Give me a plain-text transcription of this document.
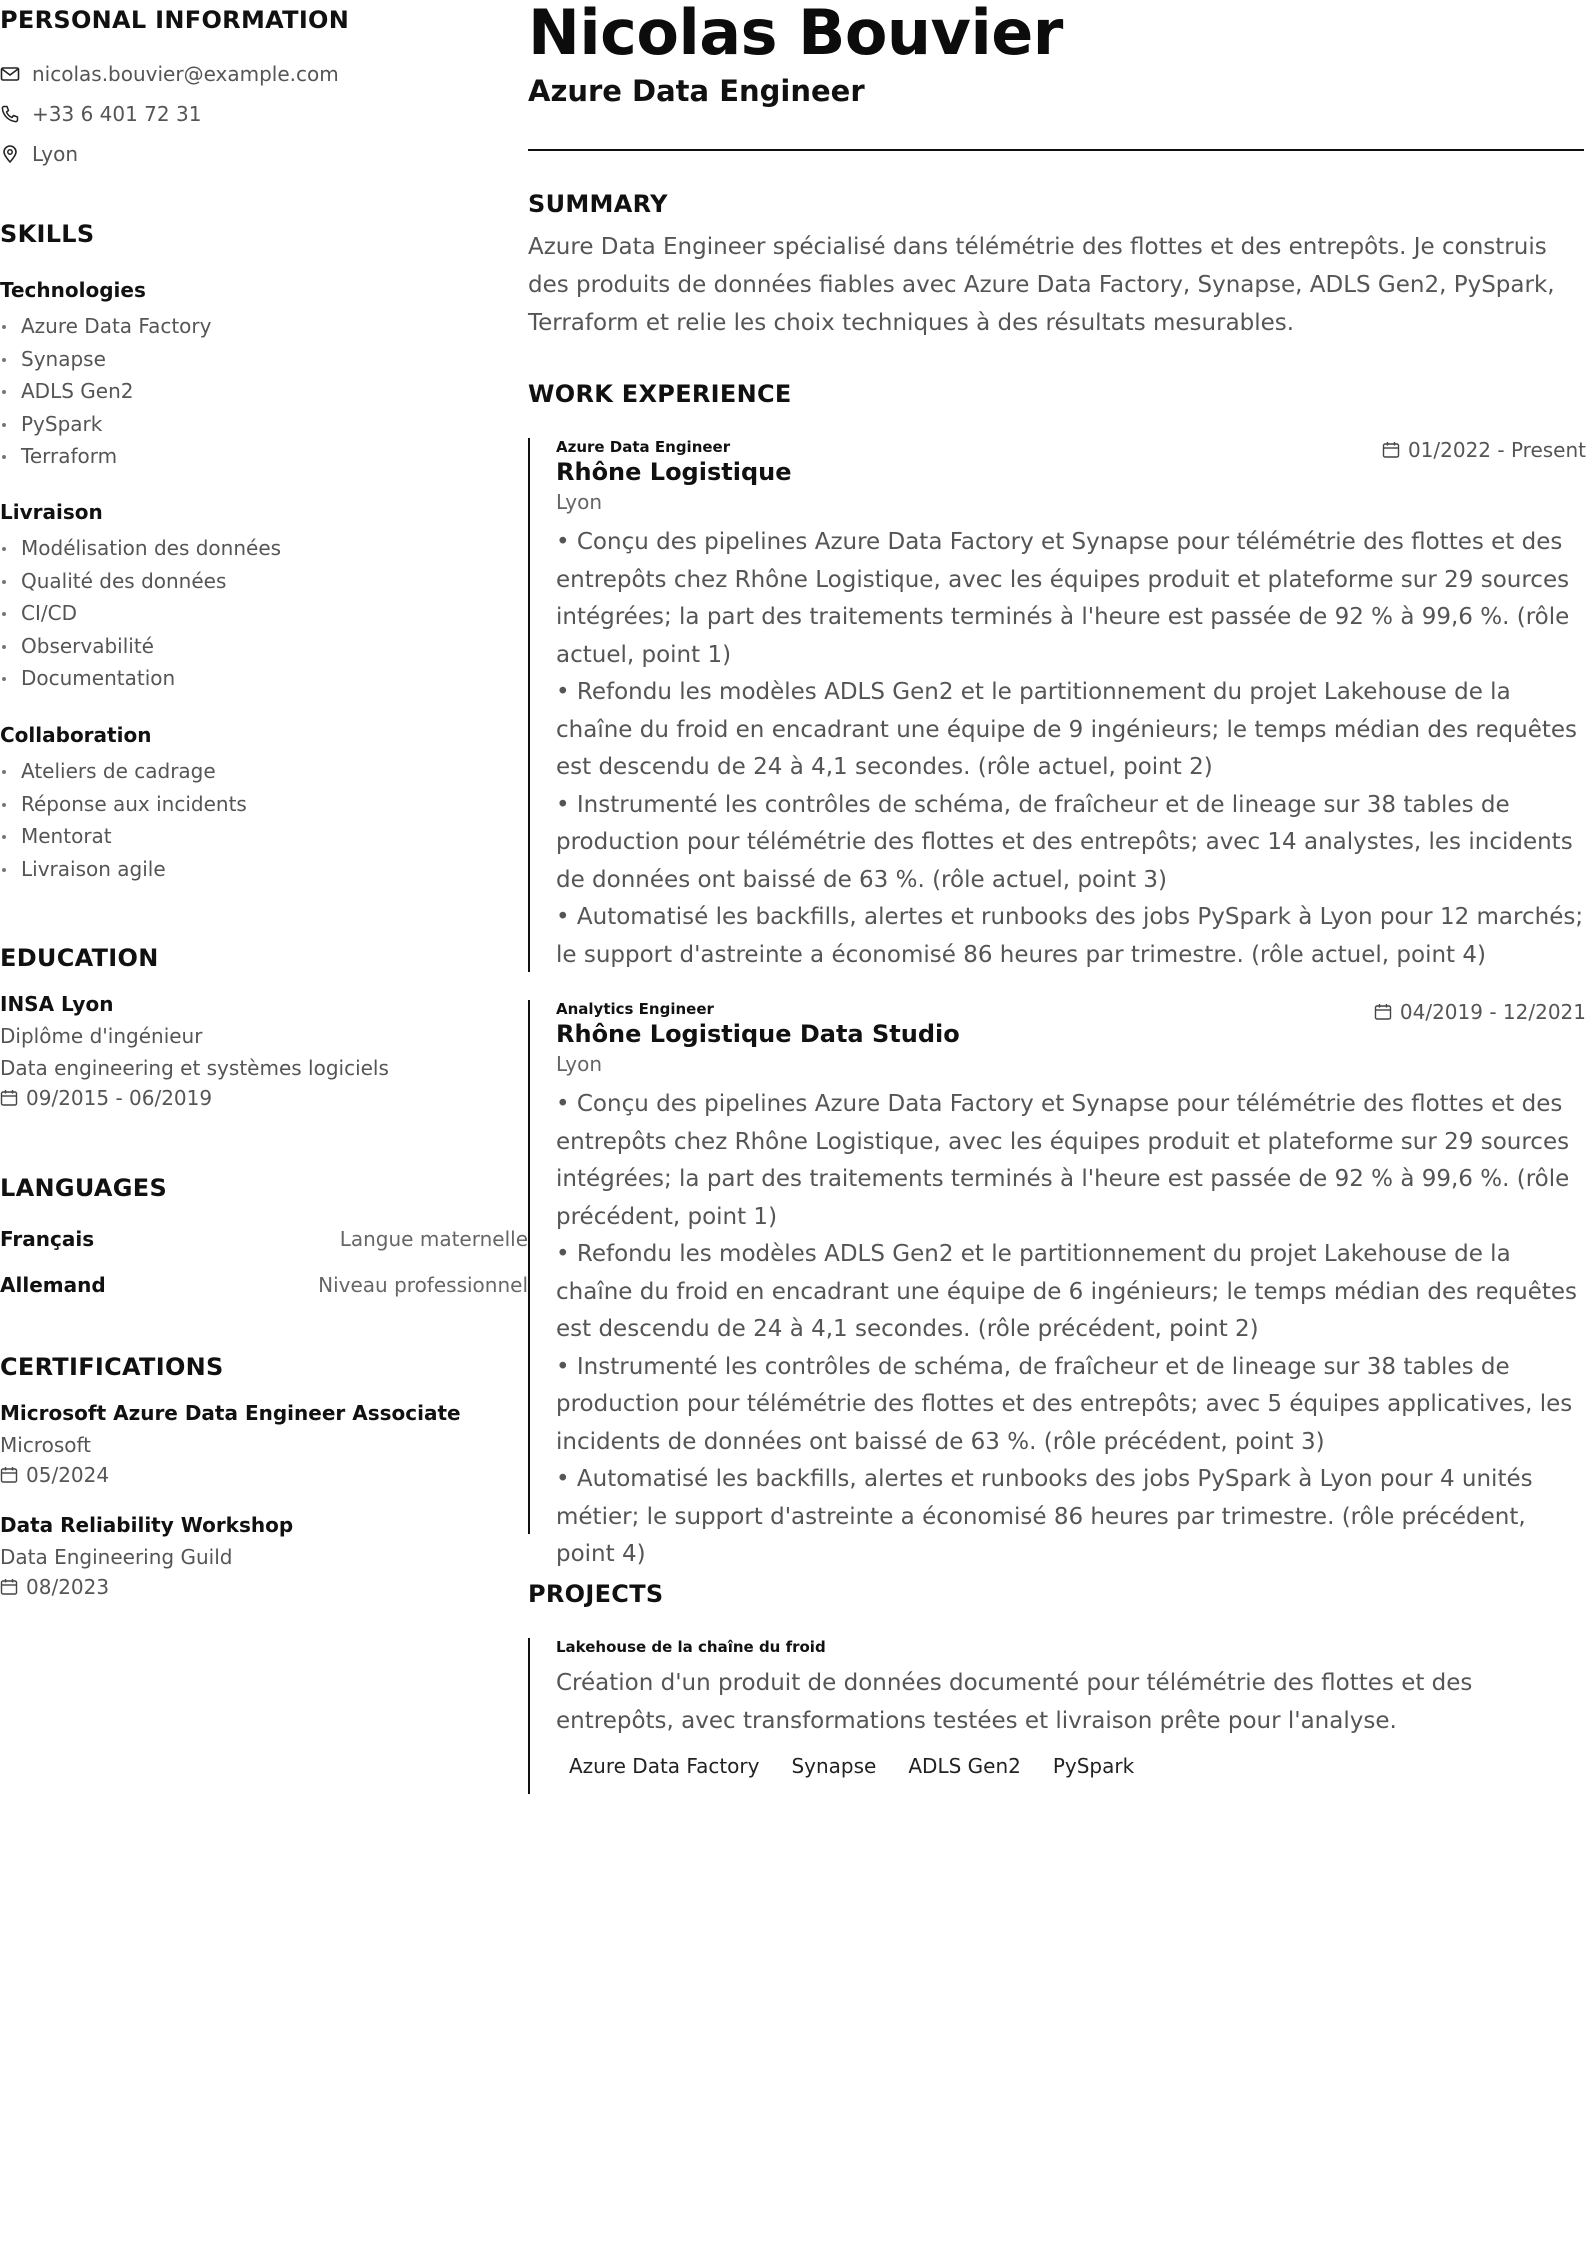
PERSONAL INFORMATION
nicolas.bouvier@example.com
+33 6 401 72 31
Lyon
SKILLS
Technologies
Azure Data Factory
Synapse
ADLS Gen2
PySpark
Terraform
Livraison
Modélisation des données
Qualité des données
CI/CD
Observabilité
Documentation
Collaboration
Ateliers de cadrage
Réponse aux incidents
Mentorat
Livraison agile
EDUCATION
INSA Lyon
Diplôme d'ingénieur
Data engineering et systèmes logiciels
09/2015 - 06/2019
LANGUAGES
Français	Langue maternelle
Allemand	Niveau professionnel
CERTIFICATIONS
Microsoft Azure Data Engineer Associate
Microsoft
05/2024
Data Reliability Workshop
Data Engineering Guild
08/2023
Nicolas Bouvier
Azure Data Engineer
SUMMARY

Azure Data Engineer spécialisé dans télémétrie des flottes et des entrepôts. Je construis des produits de données fiables avec Azure Data Factory, Synapse, ADLS Gen2, PySpark, Terraform et relie les choix techniques à des résultats mesurables.

WORK EXPERIENCE
Azure Data Engineer
Rhône Logistique
Lyon
01/2022 - Present

• Conçu des pipelines Azure Data Factory et Synapse pour télémétrie des flottes et des entrepôts chez Rhône Logistique, avec les équipes produit et plateforme sur 29 sources intégrées; la part des traitements terminés à l'heure est passée de 92 % à 99,6 %. (rôle actuel, point 1)

• Refondu les modèles ADLS Gen2 et le partitionnement du projet Lakehouse de la chaîne du froid en encadrant une équipe de 9 ingénieurs; le temps médian des requêtes est descendu de 24 à 4,1 secondes. (rôle actuel, point 2)

• Instrumenté les contrôles de schéma, de fraîcheur et de lineage sur 38 tables de production pour télémétrie des flottes et des entrepôts; avec 14 analystes, les incidents de données ont baissé de 63 %. (rôle actuel, point 3)

• Automatisé les backfills, alertes et runbooks des jobs PySpark à Lyon pour 12 marchés; le support d'astreinte a économisé 86 heures par trimestre. (rôle actuel, point 4)

Analytics Engineer
Rhône Logistique Data Studio
Lyon
04/2019 - 12/2021

• Conçu des pipelines Azure Data Factory et Synapse pour télémétrie des flottes et des entrepôts chez Rhône Logistique, avec les équipes produit et plateforme sur 29 sources intégrées; la part des traitements terminés à l'heure est passée de 92 % à 99,6 %. (rôle précédent, point 1)

• Refondu les modèles ADLS Gen2 et le partitionnement du projet Lakehouse de la chaîne du froid en encadrant une équipe de 6 ingénieurs; le temps médian des requêtes est descendu de 24 à 4,1 secondes. (rôle précédent, point 2)

• Instrumenté les contrôles de schéma, de fraîcheur et de lineage sur 38 tables de production pour télémétrie des flottes et des entrepôts; avec 5 équipes applicatives, les incidents de données ont baissé de 63 %. (rôle précédent, point 3)

• Automatisé les backfills, alertes et runbooks des jobs PySpark à Lyon pour 4 unités métier; le support d'astreinte a économisé 86 heures par trimestre. (rôle précédent, point 4)

PROJECTS
Lakehouse de la chaîne du froid

Création d'un produit de données documenté pour télémétrie des flottes et des entrepôts, avec transformations testées et livraison prête pour l'analyse.

Azure Data Factory	Synapse	ADLS Gen2	PySpark
